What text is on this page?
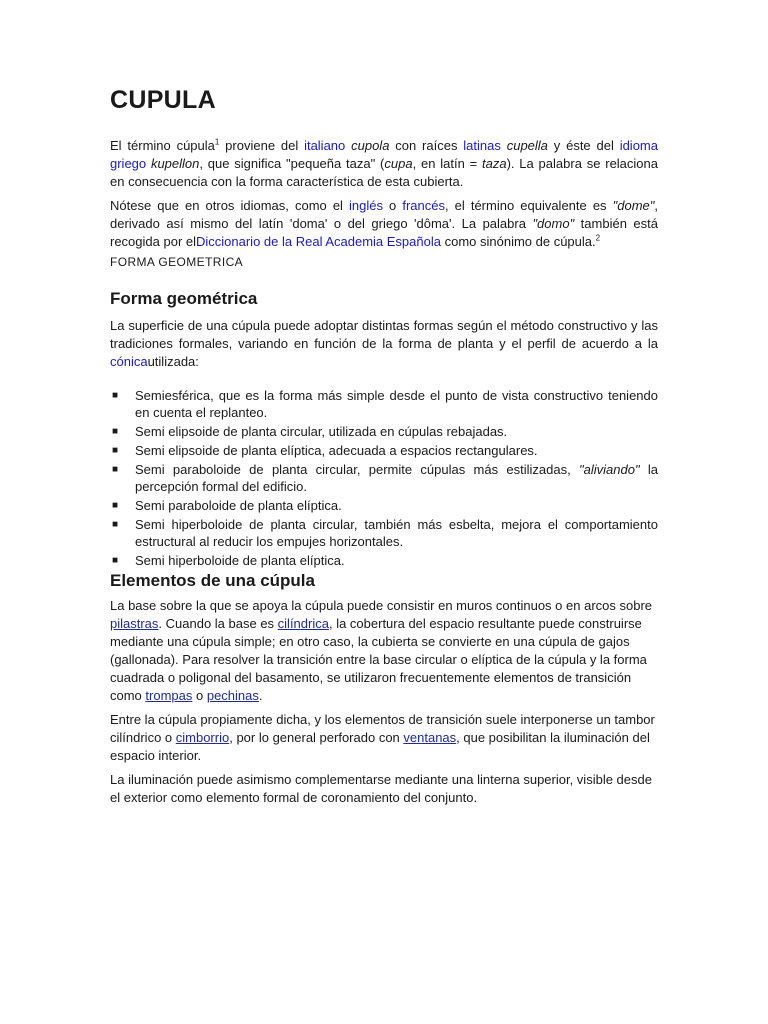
CUPULA

El término cúpula$^1$ proviene del italiano cupola con raíces latinas cupella y éste del idioma griego kupellon, que significa "pequeña taza" (cupa, en latín = taza). La palabra se relaciona en consecuencia con la forma característica de esta cubierta.

Nótese que en otros idiomas, como el inglés o francés, el término equivalente es "dome", derivado así mismo del latín 'doma' o del griego 'dôma'. La palabra "domo" también está recogida por elDiccionario de la Real Academia Española como sinónimo de cúpula.$^2$

FORMA GEOMETRICA

Forma geométrica

La superficie de una cúpula puede adoptar distintas formas según el método constructivo y las tradiciones formales, variando en función de la forma de planta y el perfil de acuerdo a la cónicautilizada:

■ Semiesférica, que es la forma más simple desde el punto de vista constructivo teniendo en cuenta el replanteo.
■ Semi elipsoide de planta circular, utilizada en cúpulas rebajadas.
■ Semi elipsoide de planta elíptica, adecuada a espacios rectangulares.
■ Semi paraboloide de planta circular, permite cúpulas más estilizadas, "aliviando" la percepción formal del edificio.
■ Semi paraboloide de planta elíptica.
■ Semi hiperboloide de planta circular, también más esbelta, mejora el comportamiento estructural al reducir los empujes horizontales.
■ Semi hiperboloide de planta elíptica.
Elementos de una cúpula

La base sobre la que se apoya la cúpula puede consistir en muros continuos o en arcos sobre pilastras. Cuando la base es cilíndrica, la cobertura del espacio resultante puede construirse mediante una cúpula simple; en otro caso, la cubierta se convierte en una cúpula de gajos (gallonada). Para resolver la transición entre la base circular o elíptica de la cúpula y la forma cuadrada o poligonal del basamento, se utilizaron frecuentemente elementos de transición como trompas o pechinas.

Entre la cúpula propiamente dicha, y los elementos de transición suele interponerse un tambor cilíndrico o cimborrio, por lo general perforado con ventanas, que posibilitan la iluminación del espacio interior.

La iluminación puede asimismo complementarse mediante una linterna superior, visible desde el exterior como elemento formal de coronamiento del conjunto.
